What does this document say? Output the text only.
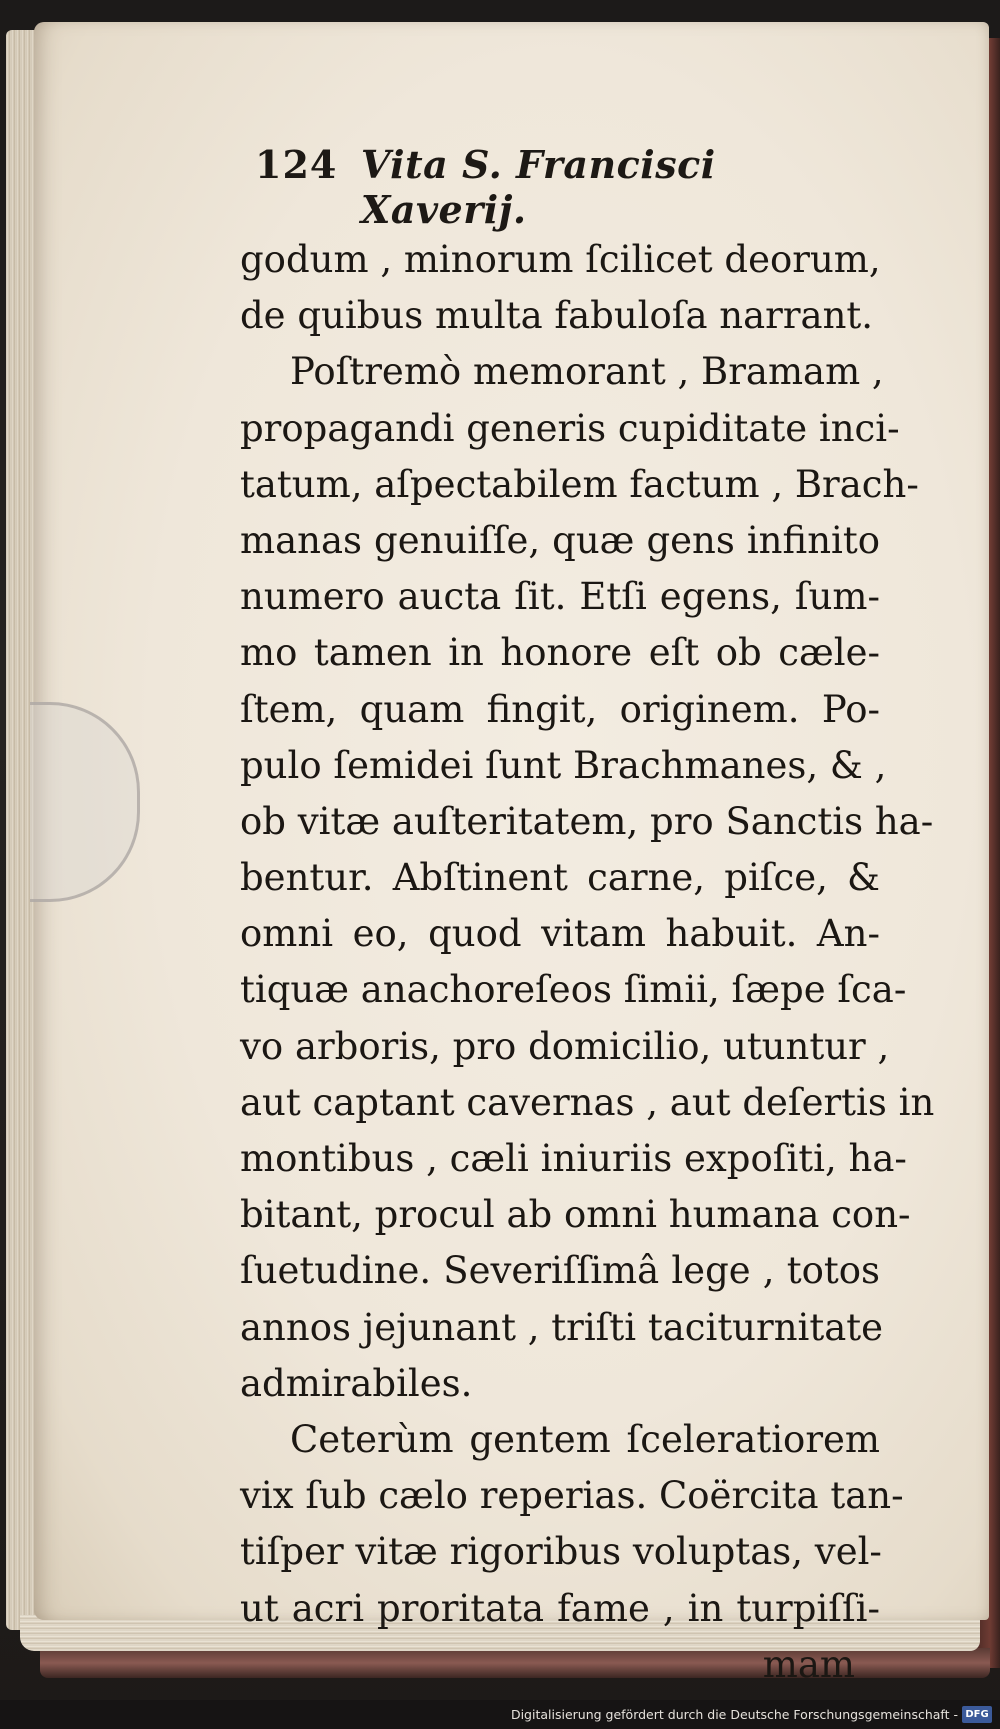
124 Vita S. Francisci Xaverij.
godum , minorum ſcilicet deorum,
de quibus multa fabuloſa narrant.
Poſtremò memorant , Bramam ,
propagandi generis cupiditate inci-
tatum, aſpectabilem factum , Brach-
manas genuiſſe, quæ gens infinito
numero aucta ſit. Etſi egens, ſum-
mo tamen in honore eſt ob cæle-
ſtem, quam fingit, originem. Po-
pulo ſemidei ſunt Brachmanes, & ,
ob vitæ auſteritatem, pro Sanctis ha-
bentur. Abſtinent carne, piſce, &
omni eo, quod vitam habuit. An-
tiquæ anachoreſeos ſimii, ſæpe ſca-
vo arboris, pro domicilio, utuntur ,
aut captant cavernas , aut deſertis in
montibus , cæli iniuriis expoſiti, ha-
bitant, procul ab omni humana con-
ſuetudine. Severiſſimâ lege , totos
annos jejunant , triſti taciturnitate
admirabiles.
Ceterùm gentem ſceleratiorem
vix ſub cælo reperias. Coërcita tan-
tiſper vitæ rigoribus voluptas, vel-
ut acri proritata fame , in turpiſſi-
mam
Digitalisierung gefördert durch die Deutsche Forschungsgemeinschaft - DFG
